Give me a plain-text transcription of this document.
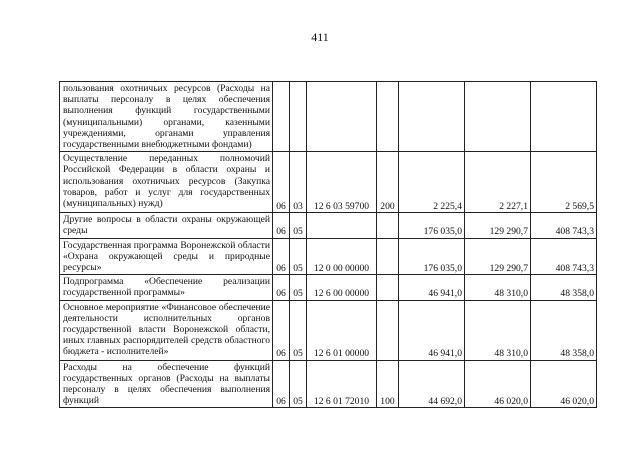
411
пользования охотничьих ресурсов (Расходы на выплаты персоналу в целях обеспечения выполнения функций государственными (муниципальными) органами, казенными учреждениями, органами управления государственными внебюджетными фондами)							
Осуществление переданных полномочий Российской Федерации в области охраны и использования охотничьих ресурсов (Закупка товаров, работ и услуг для государственных (муниципальных) нужд)	06	03	12 6 03 59700	200	2 225,4	2 227,1	2 569,5
Другие вопросы в области охраны окружающей среды	06	05			176 035,0	129 290,7	408 743,3
Государственная программа Воронежской области «Охрана окружающей среды и природные ресурсы»	06	05	12 0 00 00000		176 035,0	129 290,7	408 743,3
Подпрограмма «Обеспечение реализации государственной программы»	06	05	12 6 00 00000		46 941,0	48 310,0	48 358,0
Основное мероприятие «Финансовое обеспечение деятельности исполнительных органов государственной власти Воронежской области, иных главных распорядителей средств областного бюджета - исполнителей»	06	05	12 6 01 00000		46 941,0	48 310,0	48 358,0
Расходы на обеспечение функций государственных органов (Расходы на выплаты персоналу в целях обеспечения выполнения функций	06	05	12 6 01 72010	100	44 692,0	46 020,0	46 020,0
